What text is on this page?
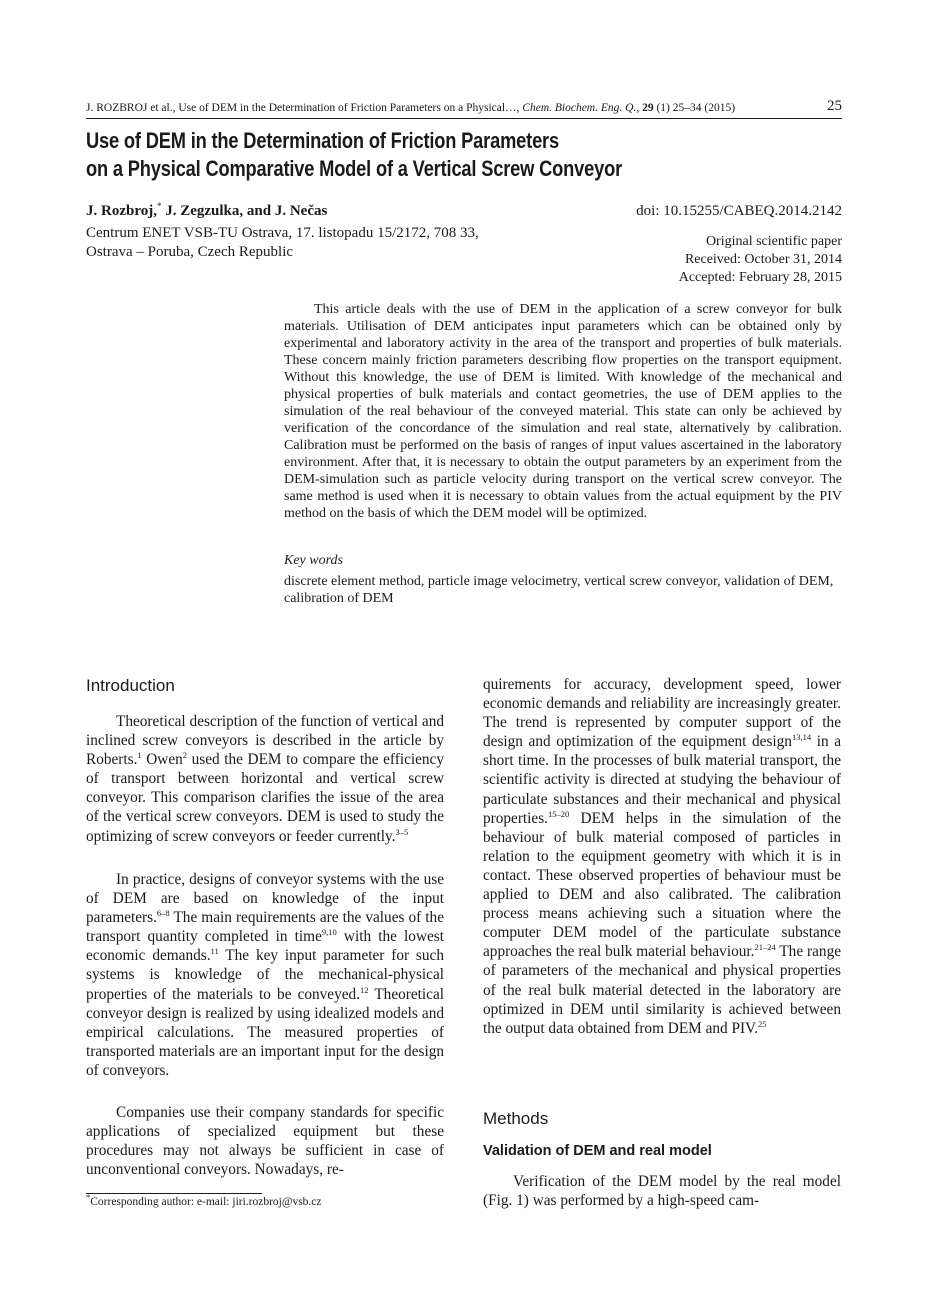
J. ROZBROJ et al., Use of DEM in the Determination of Friction Parameters on a Physical…, Chem. Biochem. Eng. Q., 29 (1) 25–34 (2015)	25
Use of DEM in the Determination of Friction Parameters
on a Physical Comparative Model of a Vertical Screw Conveyor
J. Rozbroj,* J. Zegzulka, and J. Nečas	doi: 10.15255/CABEQ.2014.2142
Centrum ENET VSB-TU Ostrava, 17. listopadu 15/2172, 708 33,
Ostrava – Poruba, Czech Republic
Original scientific paper
Received: October 31, 2014
Accepted: February 28, 2015

This article deals with the use of DEM in the application of a screw conveyor for bulk materials. Utilisation of DEM anticipates input parameters which can be obtained only by experimental and laboratory activity in the area of the transport and properties of bulk materials. These concern mainly friction parameters describing flow properties on the transport equipment. Without this knowledge, the use of DEM is limited. With knowledge of the mechanical and physical properties of bulk materials and contact geometries, the use of DEM applies to the simulation of the real behaviour of the conveyed material. This state can only be achieved by verification of the concordance of the simulation and real state, alternatively by calibration. Calibration must be performed on the basis of ranges of input values ascertained in the laboratory environment. After that, it is necessary to obtain the output parameters by an experiment from the DEM-simulation such as particle velocity during transport on the vertical screw conveyor. The same method is used when it is necessary to obtain values from the actual equipment by the PIV method on the basis of which the DEM model will be optimized.

Key words

discrete element method, particle image velocimetry, vertical screw conveyor, validation of DEM, calibration of DEM

Introduction

Theoretical description of the function of vertical and inclined screw conveyors is described in the article by Roberts.$^1$ Owen$^2$ used the DEM to compare the efficiency of transport between horizontal and vertical screw conveyor. This comparison clarifies the issue of the area of the vertical screw conveyors. DEM is used to study the optimizing of screw conveyors or feeder currently.$^{3-5}$

In practice, designs of conveyor systems with the use of DEM are based on knowledge of the input parameters.$^{6-8}$ The main requirements are the values of the transport quantity completed in time$^{9,10}$ with the lowest economic demands.$^{11}$ The key input parameter for such systems is knowledge of the mechanical-physical properties of the materials to be conveyed.$^{12}$ Theoretical conveyor design is realized by using idealized models and empirical calculations. The measured properties of transported materials are an important input for the design of conveyors.

Companies use their company standards for specific applications of specialized equipment but these procedures may not always be sufficient in case of unconventional conveyors. Nowadays, re-

quirements for accuracy, development speed, lower economic demands and reliability are increasingly greater. The trend is represented by computer support of the design and optimization of the equipment design$^{13,14}$ in a short time. In the processes of bulk material transport, the scientific activity is directed at studying the behaviour of particulate substances and their mechanical and physical properties.$^{15-20}$ DEM helps in the simulation of the behaviour of bulk material composed of particles in relation to the equipment geometry with which it is in contact. These observed properties of behaviour must be applied to DEM and also calibrated. The calibration process means achieving such a situation where the computer DEM model of the particulate substance approaches the real bulk material behaviour.$^{21-24}$ The range of parameters of the mechanical and physical properties of the real bulk material detected in the laboratory are optimized in DEM until similarity is achieved between the output data obtained from DEM and PIV.$^{25}$

Methods
Validation of DEM and real model

Verification of the DEM model by the real model (Fig. 1) was performed by a high-speed cam-

*Corresponding author: e-mail: jiri.rozbroj@vsb.cz
